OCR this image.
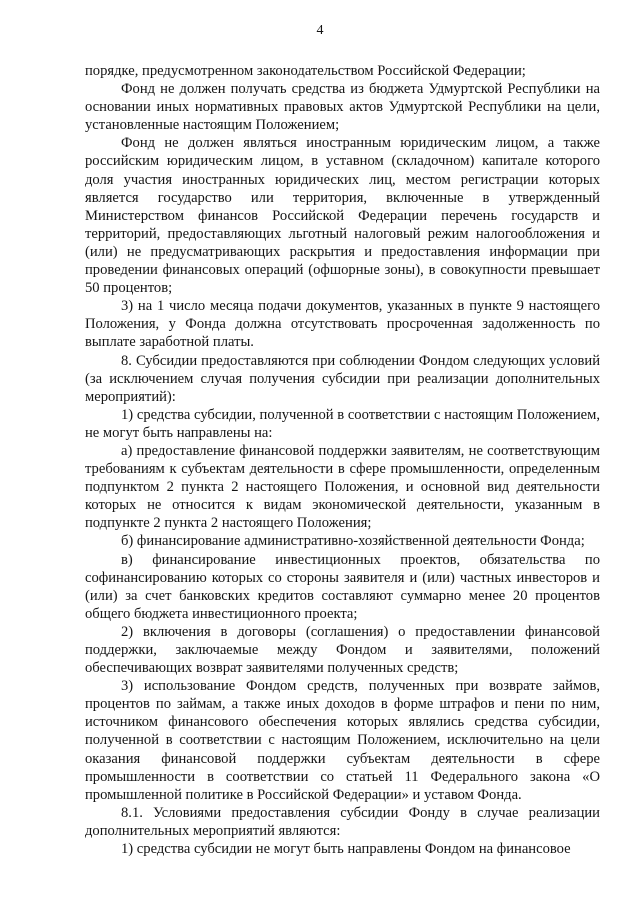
4

порядке, предусмотренном законодательством Российской Федерации;

Фонд не должен получать средства из бюджета Удмуртской Республики на основании иных нормативных правовых актов Удмуртской Республики на цели, установленные настоящим Положением;

Фонд не должен являться иностранным юридическим лицом, а также российским юридическим лицом, в уставном (складочном) капитале которого доля участия иностранных юридических лиц, местом регистрации которых является государство или территория, включенные в утвержденный Министерством финансов Российской Федерации перечень государств и территорий, предоставляющих льготный налоговый режим налогообложения и (или) не предусматривающих раскрытия и предоставления информации при проведении финансовых операций (офшорные зоны), в совокупности превышает 50 процентов;

3) на 1 число месяца подачи документов, указанных в пункте 9 настоящего Положения, у Фонда должна отсутствовать просроченная задолженность по выплате заработной платы.

8. Субсидии предоставляются при соблюдении Фондом следующих условий (за исключением случая получения субсидии при реализации дополнительных мероприятий):

1) средства субсидии, полученной в соответствии с настоящим Положением, не могут быть направлены на:

а) предоставление финансовой поддержки заявителям, не соответствующим требованиям к субъектам деятельности в сфере промышленности, определенным подпунктом 2 пункта 2 настоящего Положения, и основной вид деятельности которых не относится к видам экономической деятельности, указанным в подпункте 2 пункта 2 настоящего Положения;

б) финансирование административно-хозяйственной деятельности Фонда;

в) финансирование инвестиционных проектов, обязательства по софинансированию которых со стороны заявителя и (или) частных инвесторов и (или) за счет банковских кредитов составляют суммарно менее 20 процентов общего бюджета инвестиционного проекта;

2) включения в договоры (соглашения) о предоставлении финансовой поддержки, заключаемые между Фондом и заявителями, положений обеспечивающих возврат заявителями полученных средств;

3) использование Фондом средств, полученных при возврате займов, процентов по займам, а также иных доходов в форме штрафов и пени по ним, источником финансового обеспечения которых являлись средства субсидии, полученной в соответствии с настоящим Положением, исключительно на цели оказания финансовой поддержки субъектам деятельности в сфере промышленности в соответствии со статьей 11 Федерального закона «О промышленной политике в Российской Федерации» и уставом Фонда.

8.1. Условиями предоставления субсидии Фонду в случае реализации дополнительных мероприятий являются:

1) средства субсидии не могут быть направлены Фондом на финансовое
